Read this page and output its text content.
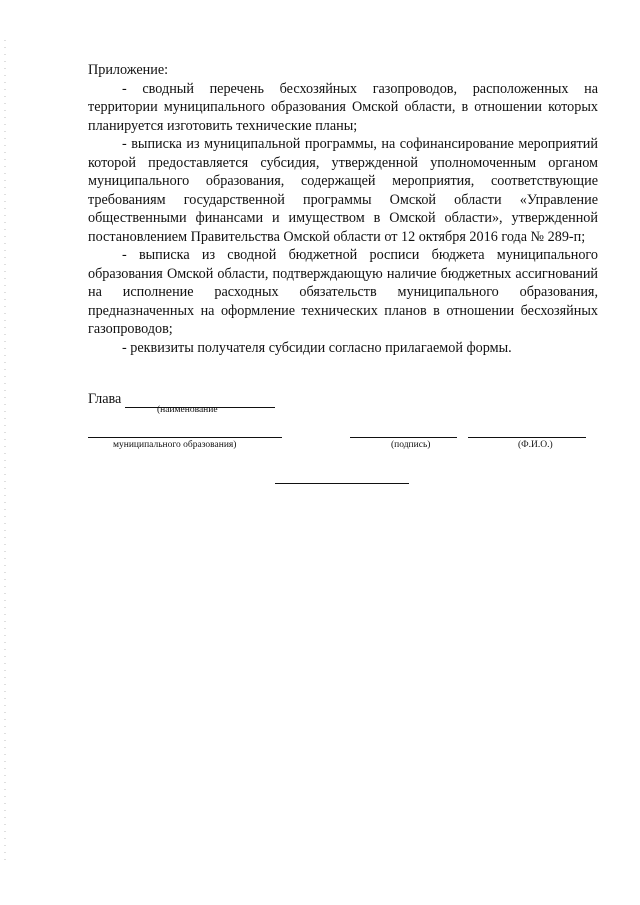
Приложение:

- сводный перечень бесхозяйных газопроводов, расположенных на территории муниципального образования Омской области, в отношении которых планируется изготовить технические планы;

- выписка из муниципальной программы, на софинансирование мероприятий которой предоставляется субсидия, утвержденной уполномоченным органом муниципального образования, содержащей мероприятия, соответствующие требованиям государственной программы Омской области «Управление общественными финансами и имуществом в Омской области», утвержденной постановлением Правительства Омской области от 12 октября 2016 года № 289-п;

- выписка из сводной бюджетной росписи бюджета муниципального образования Омской области, подтверждающую наличие бюджетных ассигнований на исполнение расходных обязательств муниципального образования, предназначенных на оформление технических планов в отношении бесхозяйных газопроводов;

- реквизиты получателя субсидии согласно прилагаемой формы.

Глава
(наименование
муниципального образования)	(подпись)	(Ф.И.О.)
